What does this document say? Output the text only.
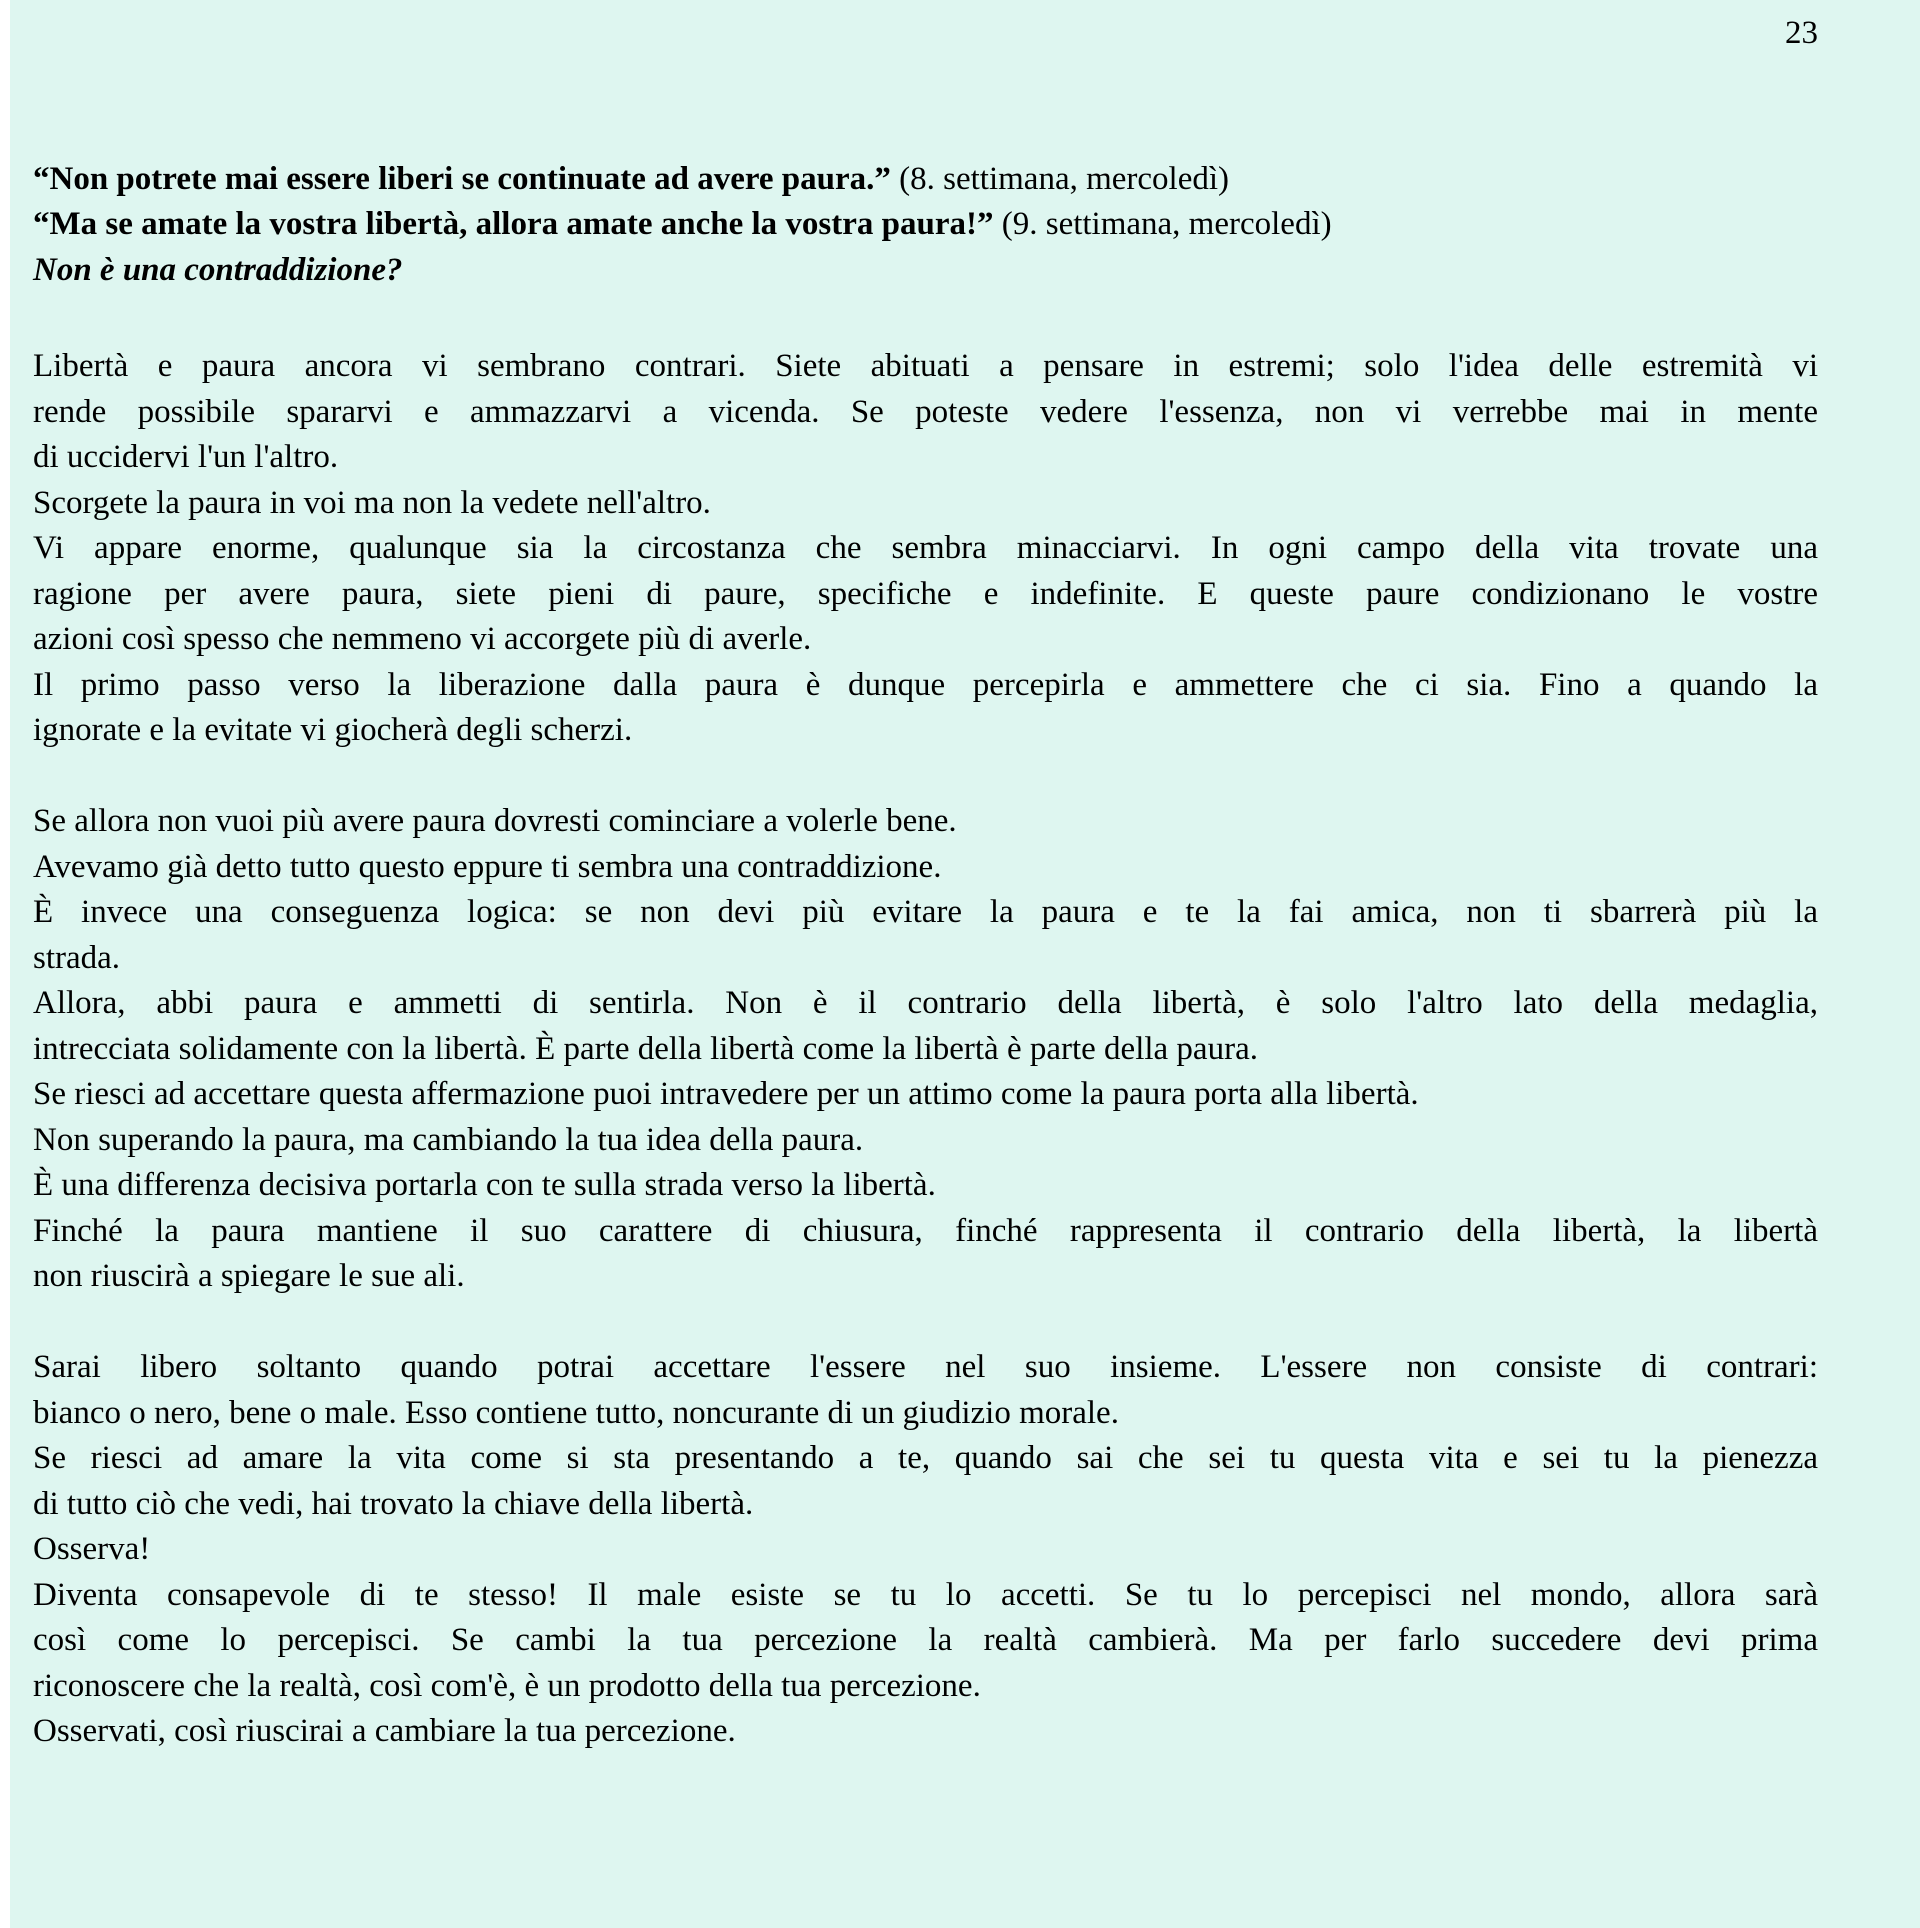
23
“Non potrete mai essere liberi se continuate ad avere paura.” (8. settimana, mercoledì)
“Ma se amate la vostra libertà, allora amate anche la vostra paura!” (9. settimana, mercoledì)
Non è una contraddizione?
Libertà e paura ancora vi sembrano contrari. Siete abituati a pensare in estremi; solo l'idea delle estremità vi
rende possibile spararvi e ammazzarvi a vicenda. Se poteste vedere l'essenza, non vi verrebbe mai in mente
di uccidervi l'un l'altro.
Scorgete la paura in voi ma non la vedete nell'altro.
Vi appare enorme, qualunque sia la circostanza che sembra minacciarvi. In ogni campo della vita trovate una
ragione per avere paura, siete pieni di paure, specifiche e indefinite. E queste paure condizionano le vostre
azioni così spesso che nemmeno vi accorgete più di averle.
Il primo passo verso la liberazione dalla paura è dunque percepirla e ammettere che ci sia. Fino a quando la
ignorate e la evitate vi giocherà degli scherzi.
Se allora non vuoi più avere paura dovresti cominciare a volerle bene.
Avevamo già detto tutto questo eppure ti sembra una contraddizione.
È invece una conseguenza logica: se non devi più evitare la paura e te la fai amica, non ti sbarrerà più la
strada.
Allora, abbi paura e ammetti di sentirla. Non è il contrario della libertà, è solo l'altro lato della medaglia,
intrecciata solidamente con la libertà. È parte della libertà come la libertà è parte della paura.
Se riesci ad accettare questa affermazione puoi intravedere per un attimo come la paura porta alla libertà.
Non superando la paura, ma cambiando la tua idea della paura.
È una differenza decisiva portarla con te sulla strada verso la libertà.
Finché la paura mantiene il suo carattere di chiusura, finché rappresenta il contrario della libertà, la libertà
non riuscirà a spiegare le sue ali.
Sarai libero soltanto quando potrai accettare l'essere nel suo insieme. L'essere non consiste di contrari:
bianco o nero, bene o male. Esso contiene tutto, noncurante di un giudizio morale.
Se riesci ad amare la vita come si sta presentando a te, quando sai che sei tu questa vita e sei tu la pienezza
di tutto ciò che vedi, hai trovato la chiave della libertà.
Osserva!
Diventa consapevole di te stesso! Il male esiste se tu lo accetti. Se tu lo percepisci nel mondo, allora sarà
così come lo percepisci. Se cambi la tua percezione la realtà cambierà. Ma per farlo succedere devi prima
riconoscere che la realtà, così com'è, è un prodotto della tua percezione.
Osservati, così riuscirai a cambiare la tua percezione.
